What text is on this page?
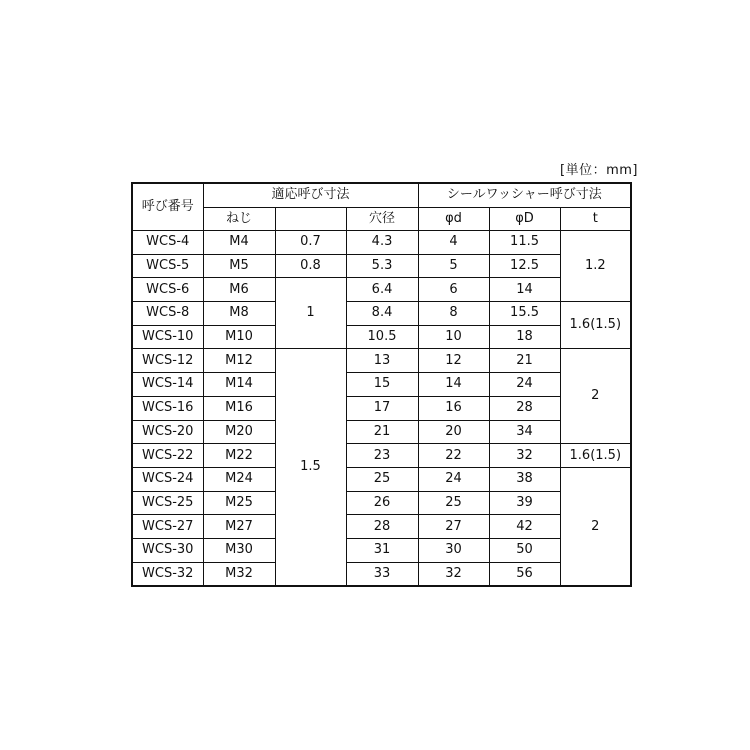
[単位：mm]
呼び番号	適応呼び寸法			シールワッシャー呼び寸法		
	ねじ		穴径	φd	φD	t
WCS-4	M4	0.7	4.3	4	11.5	1.2
WCS-5	M5	0.8	5.3	5	12.5	
WCS-6	M6	1	6.4	6	14	
WCS-8	M8		8.4	8	15.5	1.6(1.5)
WCS-10	M10		10.5	10	18	
WCS-12	M12	1.5	13	12	21	2
WCS-14	M14		15	14	24	
WCS-16	M16		17	16	28	
WCS-20	M20		21	20	34	
WCS-22	M22		23	22	32	1.6(1.5)
WCS-24	M24		25	24	38	2
WCS-25	M25		26	25	39	
WCS-27	M27		28	27	42	
WCS-30	M30		31	30	50	
WCS-32	M32		33	32	56	
